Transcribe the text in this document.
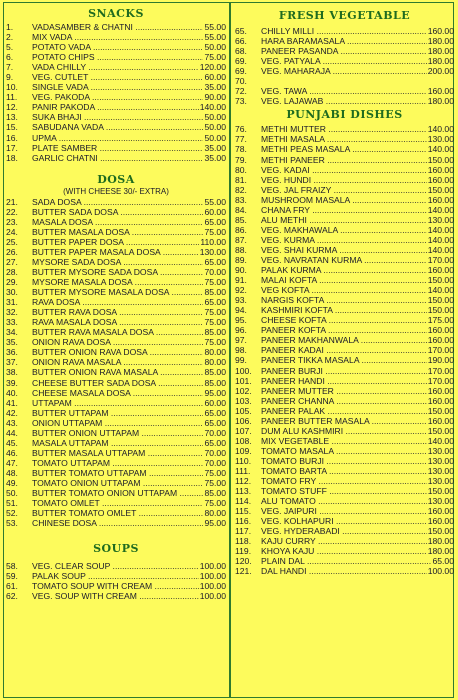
SNACKS
1.	VADASAMBER & CHATNI .....	55.00
2.	MIX VADA .....	55.00
5.	POTATO VADA .....	50.00
6.	POTATO CHIPS .....	75.00
7.	VADA CHILLY .....	120.00
9.	VEG. CUTLET .....	60.00
10.	SINGLE VADA .....	35.00
11.	VEG. PAKODA .....	90.00
12.	PANIR PAKODA .....	140.00
13.	SUKA BHAJI .....	50.00
15.	SABUDANA VADA .....	50.00
16.	UPMA .....	50.00
17.	PLATE SAMBER .....	35.00
18.	GARLIC CHATNI .....	35.00
DOSA
(WITH CHEESE 30/- EXTRA)
21.	SADA DOSA .....	55.00
22.	BUTTER SADA DOSA .....	60.00
23.	MASALA DOSA .....	65.00
24.	BUTTER MASALA DOSA .....	75.00
25.	BUTTER PAPER DOSA .....	110.00
26.	BUTTER PAPER MASALA DOSA .....	130.00
27.	MYSORE SADA DOSA .....	65.00
28.	BUTTER MYSORE SADA DOSA .....	70.00
29.	MYSORE MASALA DOSA .....	75.00
30.	BUTTER MYSORE MASALA DOSA .....	85.00
31.	RAVA DOSA .....	65.00
32.	BUTTER RAVA DOSA .....	75.00
33.	RAVA MASALA DOSA .....	75.00
34.	BUTTER RAVA MASALA DOSA .....	85.00
35.	ONION RAVA DOSA .....	75.00
36.	BUTTER ONION RAVA DOSA .....	80.00
37.	ONION RAVA MASALA .....	80.00
38.	BUTTER ONION RAVA MASALA .....	85.00
39.	CHEESE BUTTER SADA DOSA .....	85.00
40.	CHEESE MASALA DOSA .....	95.00
41.	UTTAPAM .....	60.00
42.	BUTTER UTTAPAM .....	65.00
43.	ONION UTTAPAM .....	65.00
44.	BUTTER ONION UTTAPAM .....	70.00
45.	MASALA UTTAPAM .....	65.00
46.	BUTTER MASALA UTTAPAM .....	70.00
47.	TOMATO UTTAPAM .....	70.00
48.	BUTTER TOMATO UTTAPAM .....	75.00
49.	TOMATO ONION UTTAPAM .....	75.00
50.	BUTTER TOMATO ONION UTTAPAM .....	85.00
51.	TOMATO OMLET .....	75.00
52.	BUTTER TOMATO OMLET .....	80.00
53.	CHINESE DOSA .....	95.00
SOUPS
58.	VEG. CLEAR SOUP .....	100.00
59.	PALAK SOUP .....	100.00
61.	TOMATO SOUP WITH CREAM .....	100.00
62.	VEG. SOUP WITH CREAM .....	100.00
FRESH VEGETABLE
65.	CHILLY MILLI .....	160.00
66.	HARA BARAMASALA .....	180.00
68.	PANEER PASANDA .....	180.00
69.	VEG. PATYALA .....	180.00
69.	VEG. MAHARAJA .....	200.00
70.
72.	VEG. TAWA .....	160.00
73.	VEG. LAJAWAB .....	180.00
PUNJABI DISHES
76.	METHI MUTTER .....	140.00
77.	METHI MASALA .....	130.00
78.	METHI PEAS MASALA .....	140.00
79.	METHI PANEER .....	150.00
80.	VEG. KADAI .....	160.00
81.	VEG. HUNDI .....	160.00
82.	VEG. JAL FRAIZY .....	150.00
83.	MUSHROOM MASALA .....	160.00
84.	CHANA FRY .....	140.00
85.	ALU METHI .....	130.00
86.	VEG. MAKHAWALA .....	140.00
87.	VEG. KURMA .....	140.00
88.	VEG. SHAI KURMA .....	140.00
89.	VEG. NAVRATAN KURMA .....	170.00
90.	PALAK KURMA .....	160.00
91.	MALAI KOFTA .....	150.00
92.	VEG KOFTA .....	140.00
93.	NARGIS KOFTA .....	150.00
94.	KASHMIRI KOFTA .....	150.00
95.	CHEESE KOFTA .....	175.00
96.	PANEER KOFTA .....	160.00
97.	PANEER MAKHANWALA .....	160.00
98.	PANEER KADAI .....	170.00
99.	PANEER TIKKA MASALA .....	190.00
100.	PANEER BURJI .....	170.00
101.	PANEER HANDI .....	170.00
102.	PANEER MUTTER .....	160.00
103.	PANEER CHANNA .....	160.00
105.	PANEER PALAK .....	150.00
106.	PANEER BUTTER MASALA .....	160.00
107.	DUM ALU KASHMIRI .....	150.00
108.	MIX VEGETABLE .....	140.00
109.	TOMATO MASALA .....	130.00
110.	TOMATO BURJI .....	130.00
111.	TOMATO BARTA .....	130.00
112.	TOMATO FRY .....	130.00
113.	TOMATO STUFF .....	150.00
114.	ALU TOMATO .....	130.00
115.	VEG. JAIPURI .....	160.00
116.	VEG. KOLHAPURI .....	160.00
117.	VEG. HYDERABADI .....	150.00
118.	KAJU CURRY .....	180.00
119.	KHOYA KAJU .....	180.00
120.	PLAIN DAL .....	65.00
121.	DAL HANDI .....	100.00
